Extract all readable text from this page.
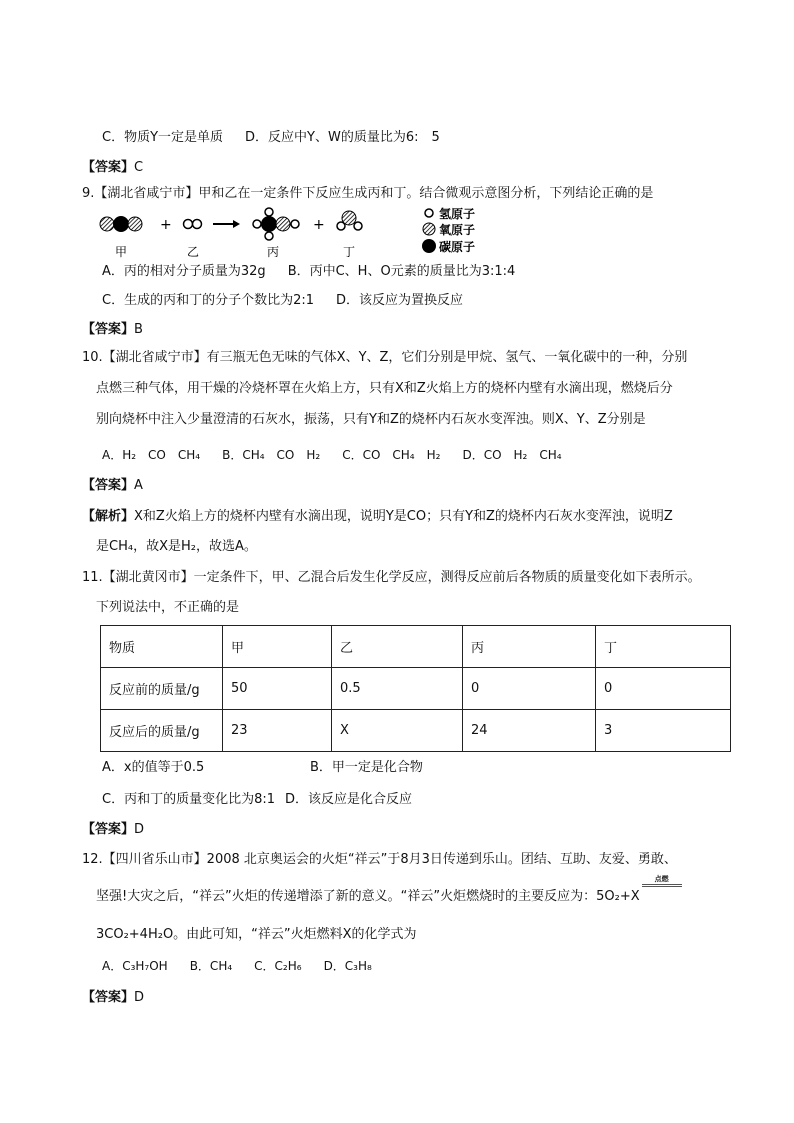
C．物质Y一定是单质 D．反应中Y、W的质量比为6:　5
【答案】C
9.【湖北省咸宁市】甲和乙在一定条件下反应生成丙和丁。结合微观示意图分析，下列结论正确的是
+	+
甲	乙	丙	丁
氢原子
氧原子
碳原子
A．丙的相对分子质量为32g B．丙中C、H、O元素的质量比为3:1:4
C．生成的丙和丁的分子个数比为2:1 D．该反应为置换反应
【答案】B
10.【湖北省咸宁市】有三瓶无色无味的气体X、Y、Z，它们分别是甲烷、氢气、一氧化碳中的一种，分别
点燃三种气体，用干燥的冷烧杯罩在火焰上方，只有X和Z火焰上方的烧杯内壁有水滴出现，燃烧后分
别向烧杯中注入少量澄清的石灰水，振荡，只有Y和Z的烧杯内石灰水变浑浊。则X、Y、Z分别是
A．H₂　CO　CH₄ B．CH₄　CO　H₂ C．CO　CH₄　H₂ D．CO　H₂　CH₄
【答案】A
【解析】X和Z火焰上方的烧杯内壁有水滴出现，说明Y是CO；只有Y和Z的烧杯内石灰水变浑浊，说明Z
是CH₄，故X是H₂，故选A。
11.【湖北黄冈市】一定条件下，甲、乙混合后发生化学反应，测得反应前后各物质的质量变化如下表所示。
下列说法中，不正确的是
物质	甲	乙	丙	丁
反应前的质量/g	50	0.5	0	0
反应后的质量/g	23	X	24	3
A．x的值等于0.5	B．甲一定是化合物
C．丙和丁的质量变化比为8:1 D．该反应是化合反应
【答案】D
12.【四川省乐山市】2008 北京奥运会的火炬“祥云”于8月3日传递到乐山。团结、互助、友爱、勇敢、
坚强!大灾之后，“祥云”火炬的传递增添了新的意义。“祥云”火炬燃烧时的主要反应为：5O₂+X
点燃
3CO₂+4H₂O。由此可知，“祥云”火炬燃料X的化学式为
A．C₃H₇OH B．CH₄ C．C₂H₆ D．C₃H₈
【答案】D
